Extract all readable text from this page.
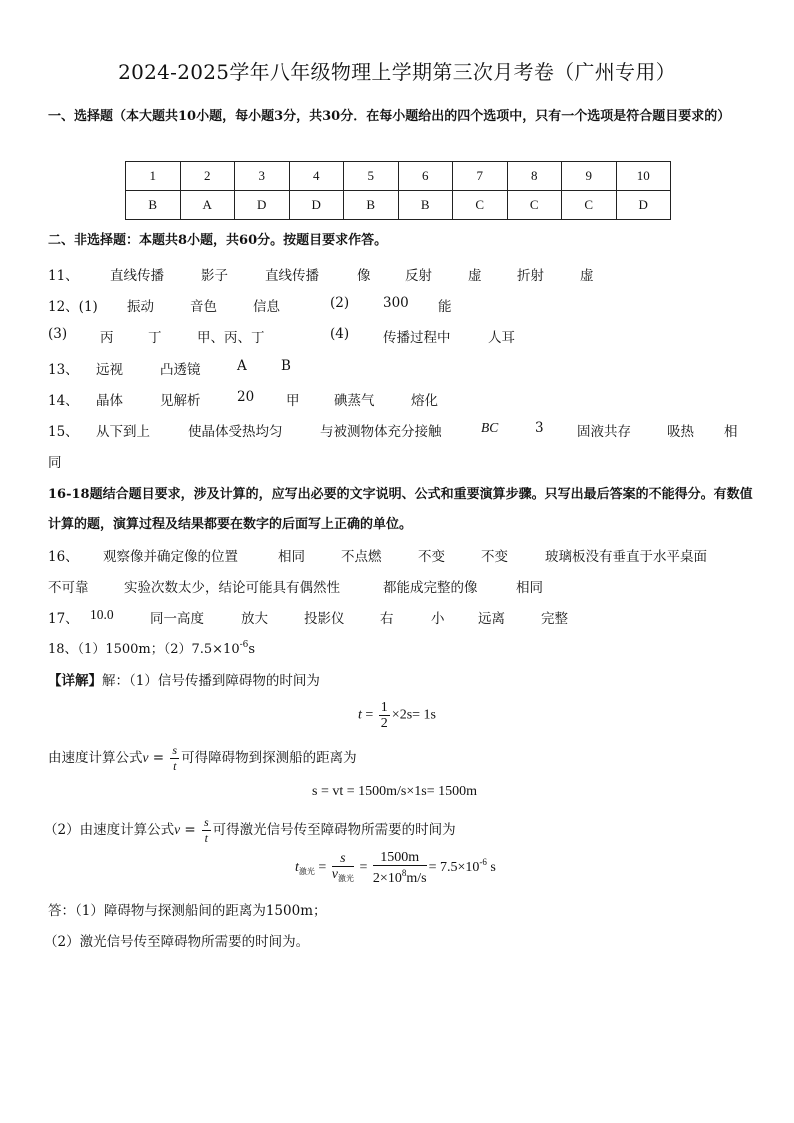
2024-2025学年八年级物理上学期第三次月考卷（广州专用）
一、选择题（本大题共10小题，每小题3分，共30分．在每小题给出的四个选项中，只有一个选项是符合题目要求的）
1	2	3	4	5	6	7	8	9	10
B	A	D	D	B	B	C	C	C	D
二、非选择题：本题共8小题，共60分。按题目要求作答。
11、 直线传播	影子	直线传播	像	反射	虚	折射	虚
12、(1) 振动	音色	信息	(2)	300 能
(3) 丙	丁	甲、丙、丁	(4)	传播过程中	人耳
13、 远视	凸透镜	A	B
14、 晶体	见解析	20 甲	碘蒸气	熔化
15、 从下到上	使晶体受热均匀	与被测物体充分接触	BC	3 固液共存	吸热 相
同
16-18题结合题目要求，涉及计算的，应写出必要的文字说明、公式和重要演算步骤。只写出最后答案的不能得分。有数值计算的题，演算过程及结果都要在数字的后面写上正确的单位。
16、 观察像并确定像的位置	相同	不点燃	不变	不变	玻璃板没有垂直于水平桌面
不可靠	实验次数太少，结论可能具有偶然性	都能成完整的像	相同
17、 10.0	同一高度	放大	投影仪	右	小 远离	完整
18、（1）1500m；$(2)7.5\times 10^{-6}s$
【详解】解：（1）信号传播到障碍物的时间为
$t = \frac{1}{2} \times 2s= 1s$
由速度计算公式$v = \frac{s}{t}$ 可得障碍物到探测船的距离为
s = vt = 1500m/s×1s= 1500m
（2）由速度计算公式$v = \frac{s}{t}$ 可得激光信号传至障碍物所需要的时间为
$t_{激光} = \frac{s}{v_{激光}} = \frac{1500m}{2\times 10^8m/s} = 7.5\times 10^{-6}$ s
答：（1）障碍物与探测船间的距离为1500m；
（2）激光信号传至障碍物所需要的时间为。
